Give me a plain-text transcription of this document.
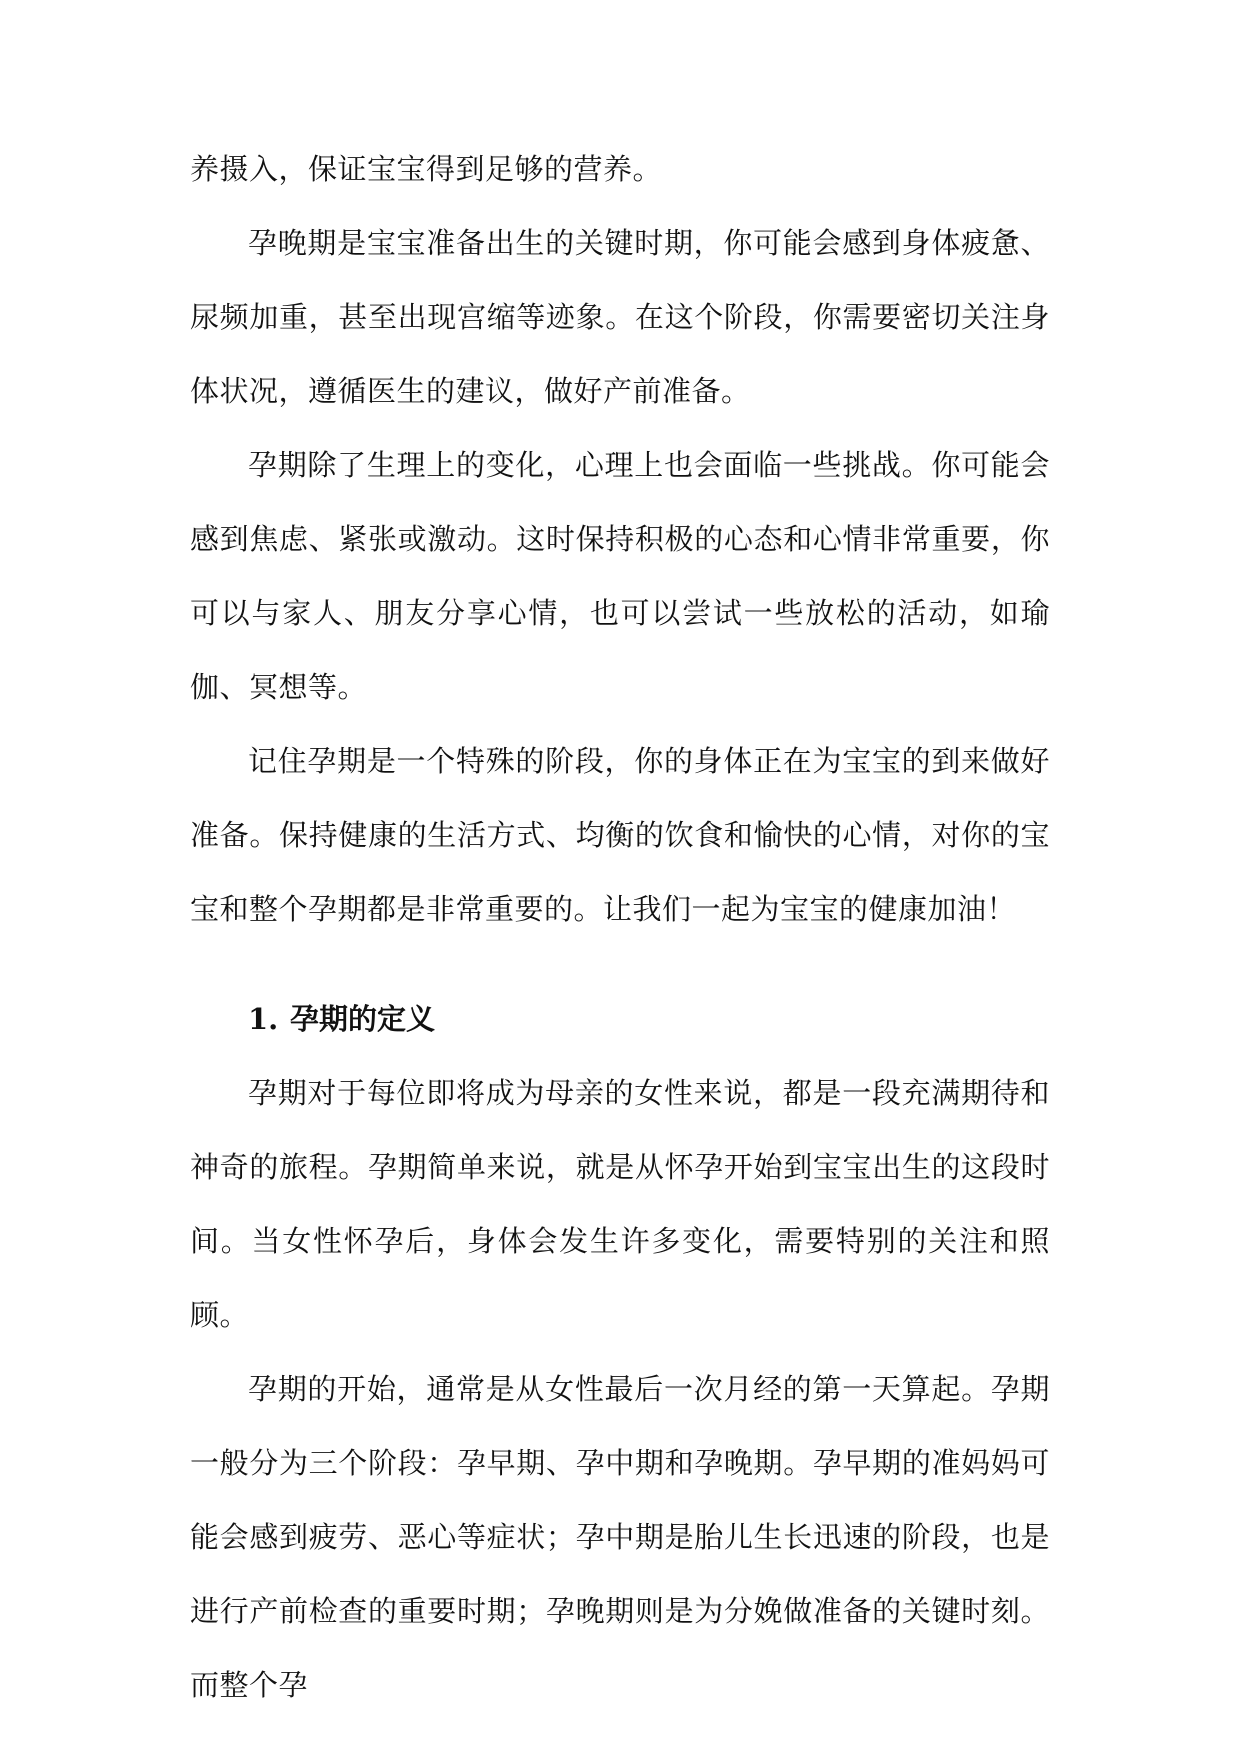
养摄入，保证宝宝得到足够的营养。

孕晚期是宝宝准备出生的关键时期，你可能会感到身体疲惫、尿频加重，甚至出现宫缩等迹象。在这个阶段，你需要密切关注身体状况，遵循医生的建议，做好产前准备。

孕期除了生理上的变化，心理上也会面临一些挑战。你可能会感到焦虑、紧张或激动。这时保持积极的心态和心情非常重要，你可以与家人、朋友分享心情，也可以尝试一些放松的活动，如瑜伽、冥想等。

记住孕期是一个特殊的阶段，你的身体正在为宝宝的到来做好准备。保持健康的生活方式、均衡的饮食和愉快的心情，对你的宝宝和整个孕期都是非常重要的。让我们一起为宝宝的健康加油！

1. 孕期的定义

孕期对于每位即将成为母亲的女性来说，都是一段充满期待和神奇的旅程。孕期简单来说，就是从怀孕开始到宝宝出生的这段时间。当女性怀孕后，身体会发生许多变化，需要特别的关注和照顾。

孕期的开始，通常是从女性最后一次月经的第一天算起。孕期一般分为三个阶段：孕早期、孕中期和孕晚期。孕早期的准妈妈可能会感到疲劳、恶心等症状；孕中期是胎儿生长迅速的阶段，也是进行产前检查的重要时期；孕晚期则是为分娩做准备的关键时刻。而整个孕
